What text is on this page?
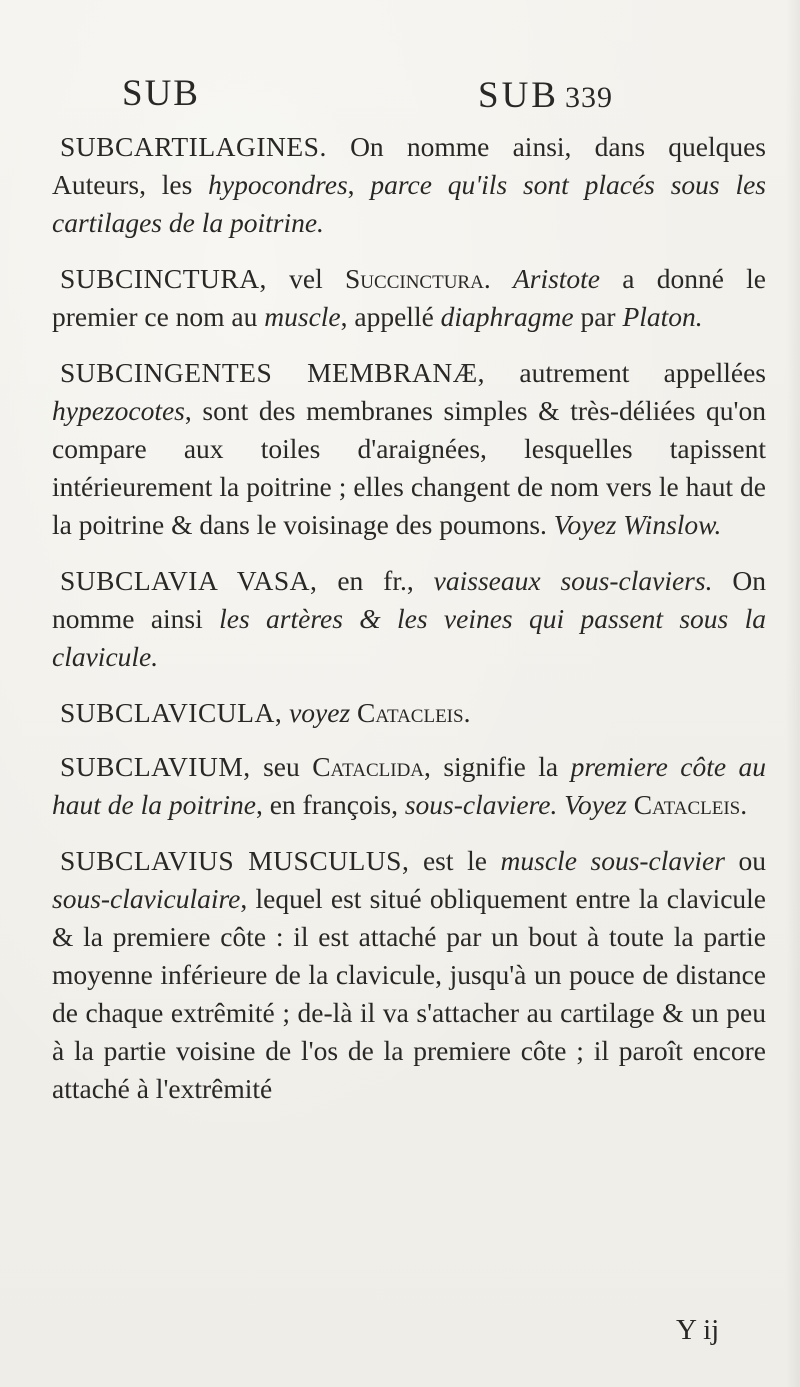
SUB	SUB 339

SUBCARTILAGINES. On nomme ainsi, dans quelques Auteurs, les hypocondres, parce qu'ils sont placés sous les cartilages de la poitrine.

SUBCINCTURA, vel Succinctura. Aristote a donné le premier ce nom au muscle, appellé diaphragme par Platon.

SUBCINGENTES MEMBRANÆ, autrement appellées hypezocotes, sont des membranes simples & très-déliées qu'on compare aux toiles d'araignées, lesquelles tapissent intérieurement la poitrine ; elles changent de nom vers le haut de la poitrine & dans le voisinage des poumons. Voyez Winslow.

SUBCLAVIA VASA, en fr., vaisseaux sous-claviers. On nomme ainsi les artères & les veines qui passent sous la clavicule.

SUBCLAVICULA, voyez Catacleis.

SUBCLAVIUM, seu Cataclida, signifie la premiere côte au haut de la poitrine, en françois, sous-claviere. Voyez Catacleis.

SUBCLAVIUS MUSCULUS, est le muscle sous-clavier ou sous-claviculaire, lequel est situé obliquement entre la clavicule & la premiere côte : il est attaché par un bout à toute la partie moyenne inférieure de la clavicule, jusqu'à un pouce de distance de chaque extrêmité ; de-là il va s'attacher au cartilage & un peu à la partie voisine de l'os de la premiere côte ; il paroît encore attaché à l'extrêmité

Y ij
